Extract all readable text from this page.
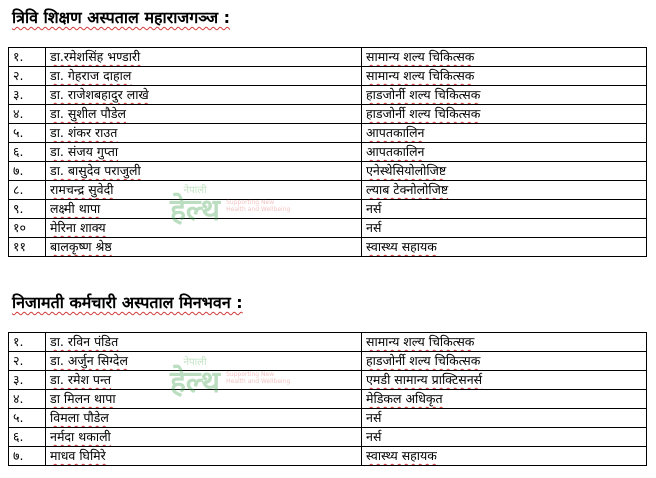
त्रिवि शिक्षण अस्पताल महाराजगञ्ज :
१.	डा.रमेशसिंह भण्डारी	सामान्य शल्य चिकित्सक
२.	डा. गेहराज दाहाल	सामान्य शल्य चिकित्सक
३.	डा. राजेशबहादुर लाखे	हाडजोर्नी शल्य चिकित्सक
४.	डा. सुशील पौडेल	हाडजोर्नी शल्य चिकित्सक
५.	डा. शंकर राउत	आपतकालिन
६.	डा. संजय गुप्ता	आपतकालिन
७.	डा. बासुदेव पराजुली	एनेस्थेसियोलोजिष्ट
८.	रामचन्द्र सुवेदी	ल्याब टेक्नोलोजिष्ट
९.	लक्ष्मी थापा	नर्स
१०	मेरिना शाक्य	नर्स
११	बालकृष्ण श्रेष्ठ	स्वास्थ्य सहायक
नेपाली
हेल्थ Supporting New
Health and Wellbeing
निजामती कर्मचारी अस्पताल मिनभवन :
१.	डा. रविन पंडित	सामान्य शल्य चिकित्सक
२.	डा. अर्जुन सिग्देल	हाडजोर्नी शल्य चिकित्सक
३.	डा. रमेश पन्त	एमडी सामान्य प्राक्टिसनर्स
४.	डा मिलन थापा	मेडिकल अधिकृत
५.	विमला पौडेल	नर्स
६.	नर्मदा थकाली	नर्स
७.	माधव घिमिरे	स्वास्थ्य सहायक
नेपाली
हेल्थ Supporting New
Health and Wellbeing
